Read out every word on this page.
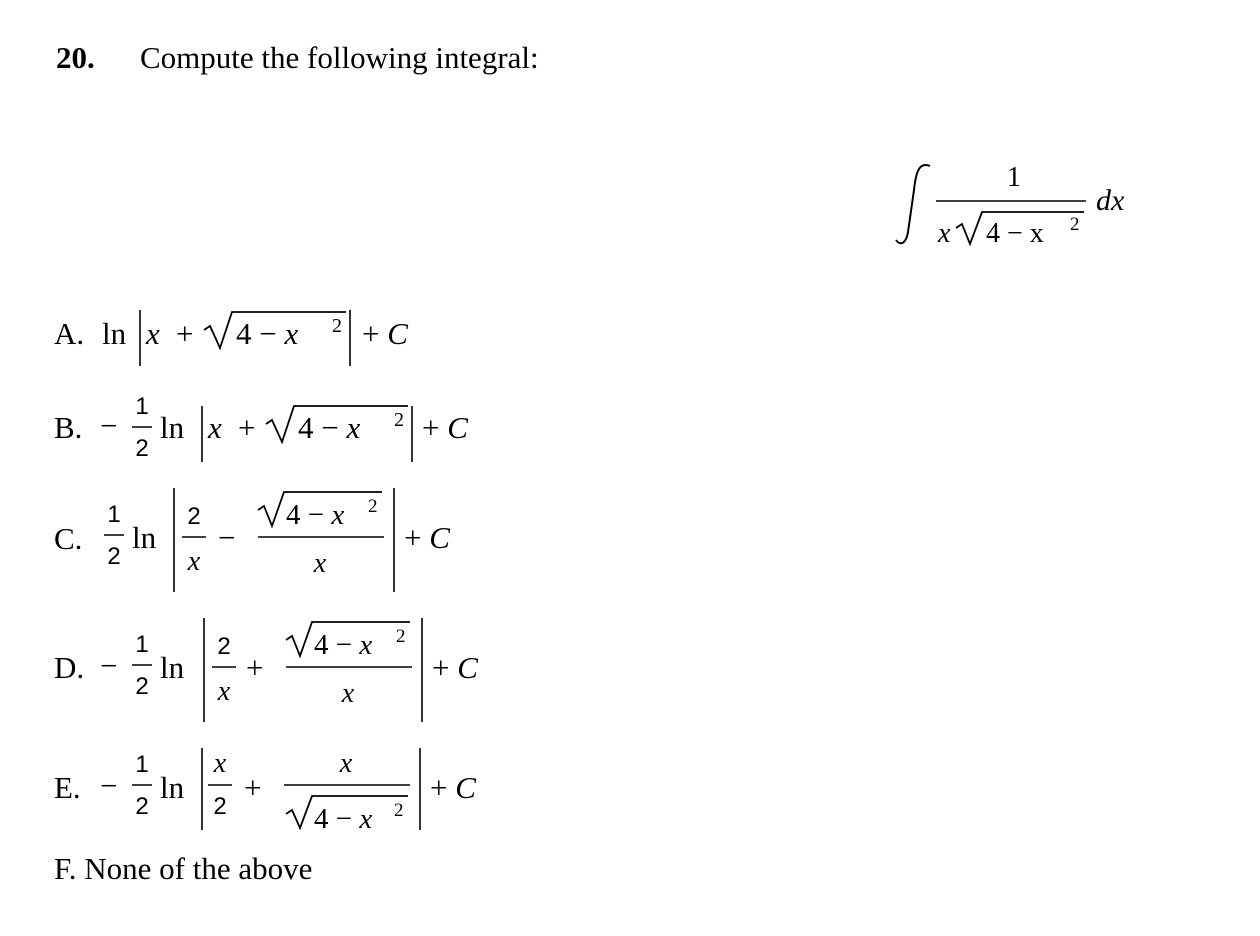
20. Compute the following integral:
1
x 4 − x 2
dx
A. ln x + 4 − x 2 + C
B. −
1
2
ln x + 4 − x 2 + C
C.
1
2
ln
2
x
−
4 − x 2
x
+ C
D. −
1
2
ln
2
x
+
4 − x 2
x
+ C
E. −
1
2
ln
x
2
+
x
4 − x 2
+ C
F. None of the above
